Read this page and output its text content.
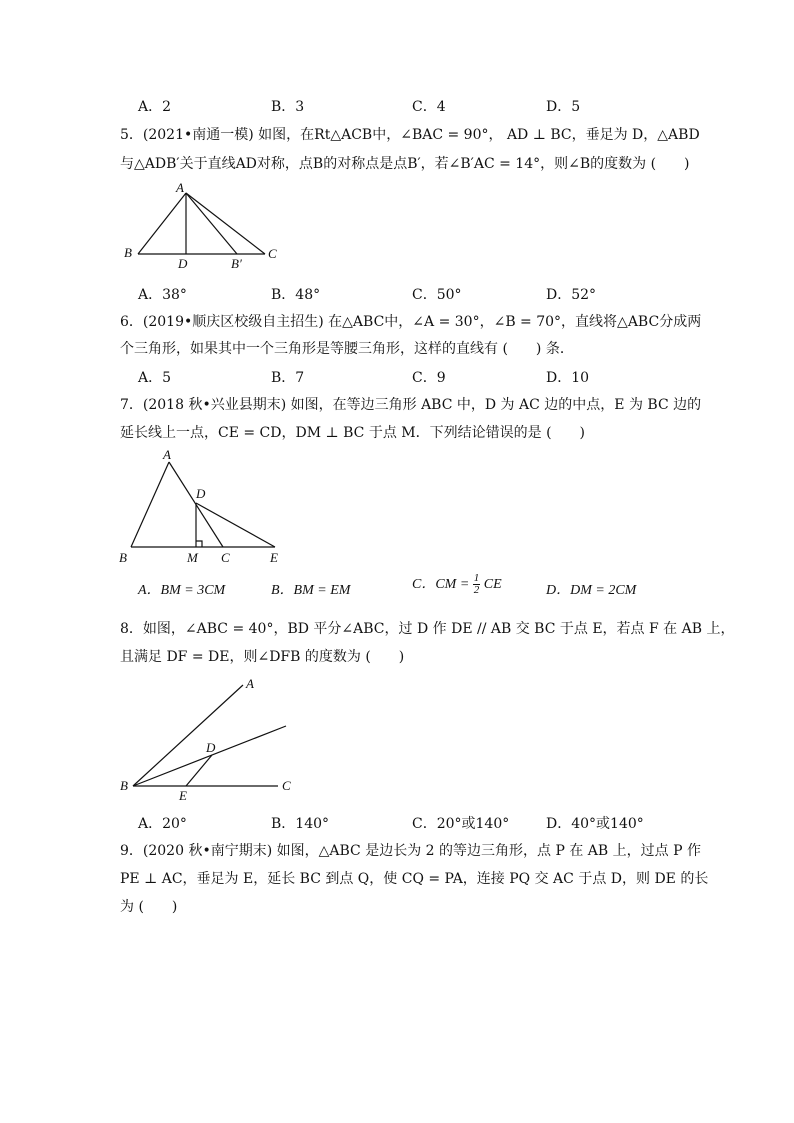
A．2	B．3	C．4	D．5
5．(2021•南通一模) 如图，在Rt△ACB中，∠BAC = 90°， AD ⊥ BC，垂足为 D，△ABD
与△ADB′关于直线AD对称，点B的对称点是点B′，若∠B′AC = 14°，则∠B的度数为 (　　)
A
B
D	B′
C
A．38°	B．48°	C．50°	D．52°
6．(2019•顺庆区校级自主招生) 在△ABC中，∠A = 30°，∠B = 70°，直线将△ABC分成两
个三角形，如果其中一个三角形是等腰三角形，这样的直线有 (　　) 条．
A．5	B．7	C．9	D．10
7．(2018 秋•兴业县期末) 如图，在等边三角形 ABC 中，D 为 AC 边的中点，E 为 BC 边的
延长线上一点，CE = CD，DM ⊥ BC 于点 M．下列结论错误的是 (　　)
A
D
B	M C	E
A．BM = 3CM	B．BM = EM	C．CM = $\frac{1}{2}$ CE	D．DM = 2CM
8．如图，∠ABC = 40°，BD 平分∠ABC，过 D 作 DE // AB 交 BC 于点 E，若点 F 在 AB 上，
且满足 DF = DE，则∠DFB 的度数为 (　　)
A
D
B
E
C
A．20°	B．140°	C．20°或140°	D．40°或140°
9．(2020 秋•南宁期末) 如图，△ABC 是边长为 2 的等边三角形，点 P 在 AB 上，过点 P 作
PE ⊥ AC，垂足为 E，延长 BC 到点 Q，使 CQ = PA，连接 PQ 交 AC 于点 D，则 DE 的长
为 (　　)
